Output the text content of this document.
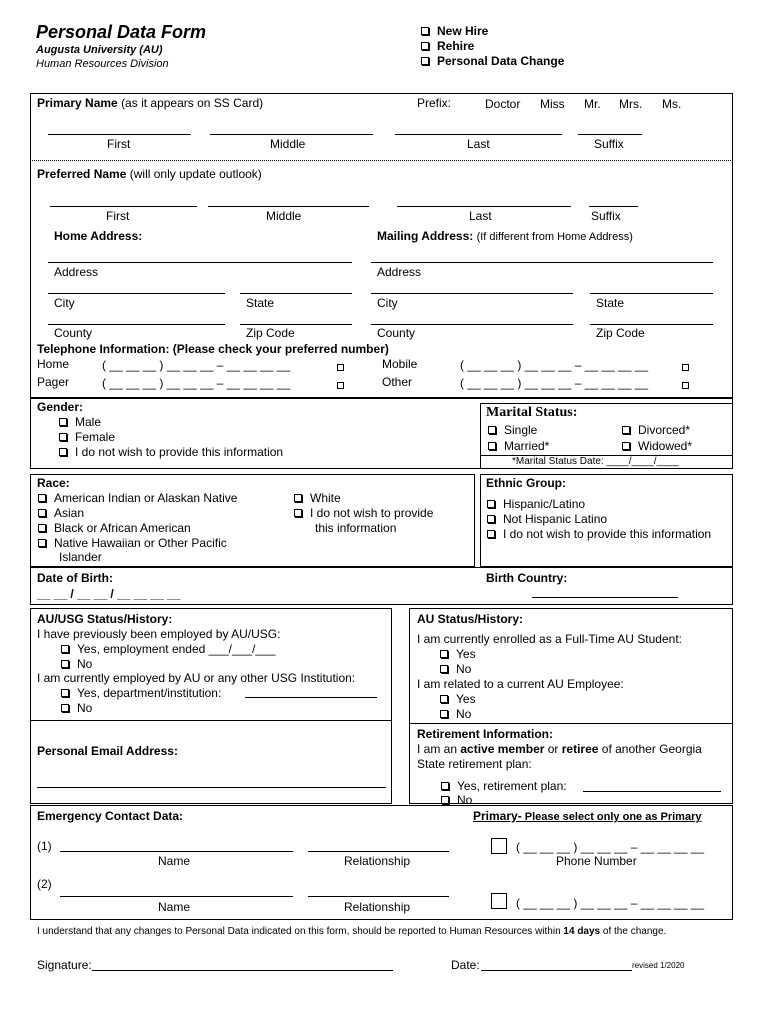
Personal Data Form
Augusta University (AU)
Human Resources Division
New Hire
Rehire
Personal Data Change
Primary Name (as it appears on SS Card)	Prefix:	Doctor Miss Mr. Mrs. Ms.
First	Middle	Last	Suffix
Preferred Name (will only update outlook)
First	Middle	Last	Suffix
Home Address:	Mailing Address: (If different from Home Address)
Address	Address
City	State	City	State
County	Zip Code	County	Zip Code
Telephone Information: (Please check your preferred number)
Home	( __ __ __ ) __ __ __ – __ __ __ __	Mobile	( __ __ __ ) __ __ __ – __ __ __ __
Pager	( __ __ __ ) __ __ __ – __ __ __ __	Other	( __ __ __ ) __ __ __ – __ __ __ __
Gender:
Male
Female
I do not wish to provide this information
Marital Status:
Single
Married*
Divorced*
Widowed*
*Marital Status Date: ____/____/____
Race:
American Indian or Alaskan Native
Asian
Black or African American
Native Hawaiian or Other Pacific
Islander
White
I do not wish to provide
this information
Ethnic Group:
Hispanic/Latino
Not Hispanic Latino
I do not wish to provide this information
Date of Birth:
__ __ / __ __ / __ __ __ __
Birth Country:
AU/USG Status/History:
I have previously been employed by AU/USG:
Yes, employment ended ___/___/___
No
I am currently employed by AU or any other USG Institution:
Yes, department/institution:
No
Personal Email Address:
AU Status/History:
I am currently enrolled as a Full-Time AU Student:
Yes
No
I am related to a current AU Employee:
Yes
No
Retirement Information:
I am an active member or retiree of another Georgia
State retirement plan:
Yes, retirement plan:
No
Emergency Contact Data:	Primary- Please select only one as Primary
(1)
Name	Relationship
( __ __ __ ) __ __ __ – __ __ __ __
Phone Number
(2)
Name	Relationship	( __ __ __ ) __ __ __ – __ __ __ __
I understand that any changes to Personal Data indicated on this form, should be reported to Human Resources within 14 days of the change.
Signature:	Date:	revised 1/2020
